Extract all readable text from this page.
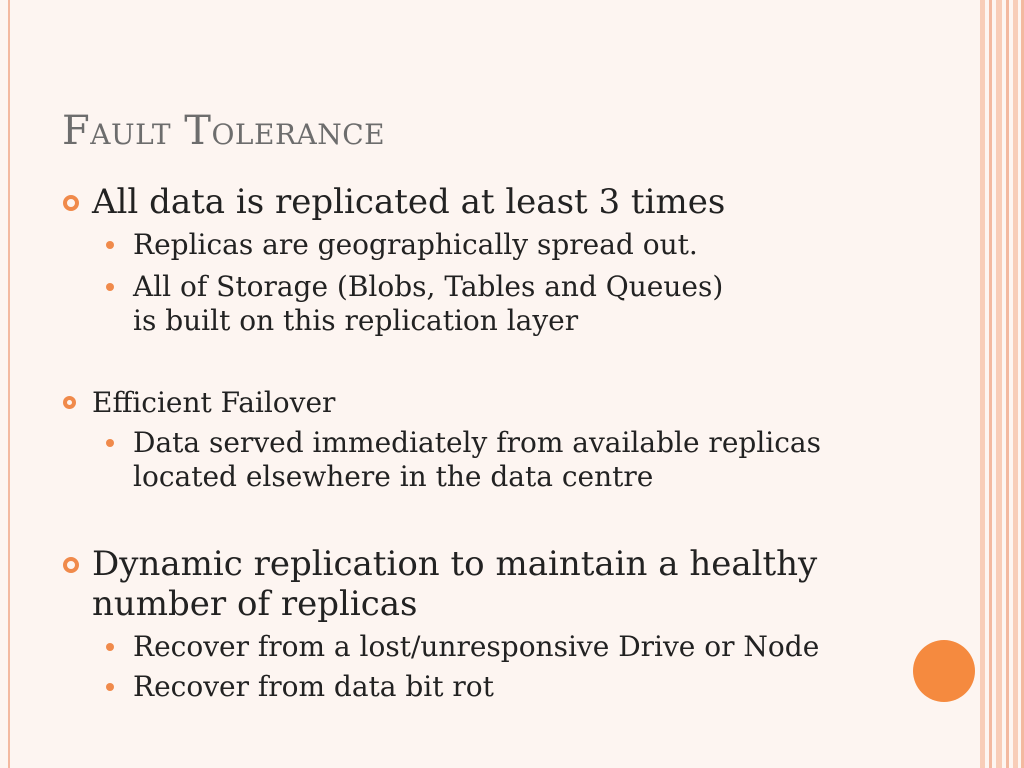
Fault Tolerance
All data is replicated at least 3 times
Replicas are geographically spread out.
All of Storage (Blobs, Tables and Queues)
is built on this replication layer
Efficient Failover
Data served immediately from available replicas
located elsewhere in the data centre
Dynamic replication to maintain a healthy
number of replicas
Recover from a lost/unresponsive Drive or Node
Recover from data bit rot
